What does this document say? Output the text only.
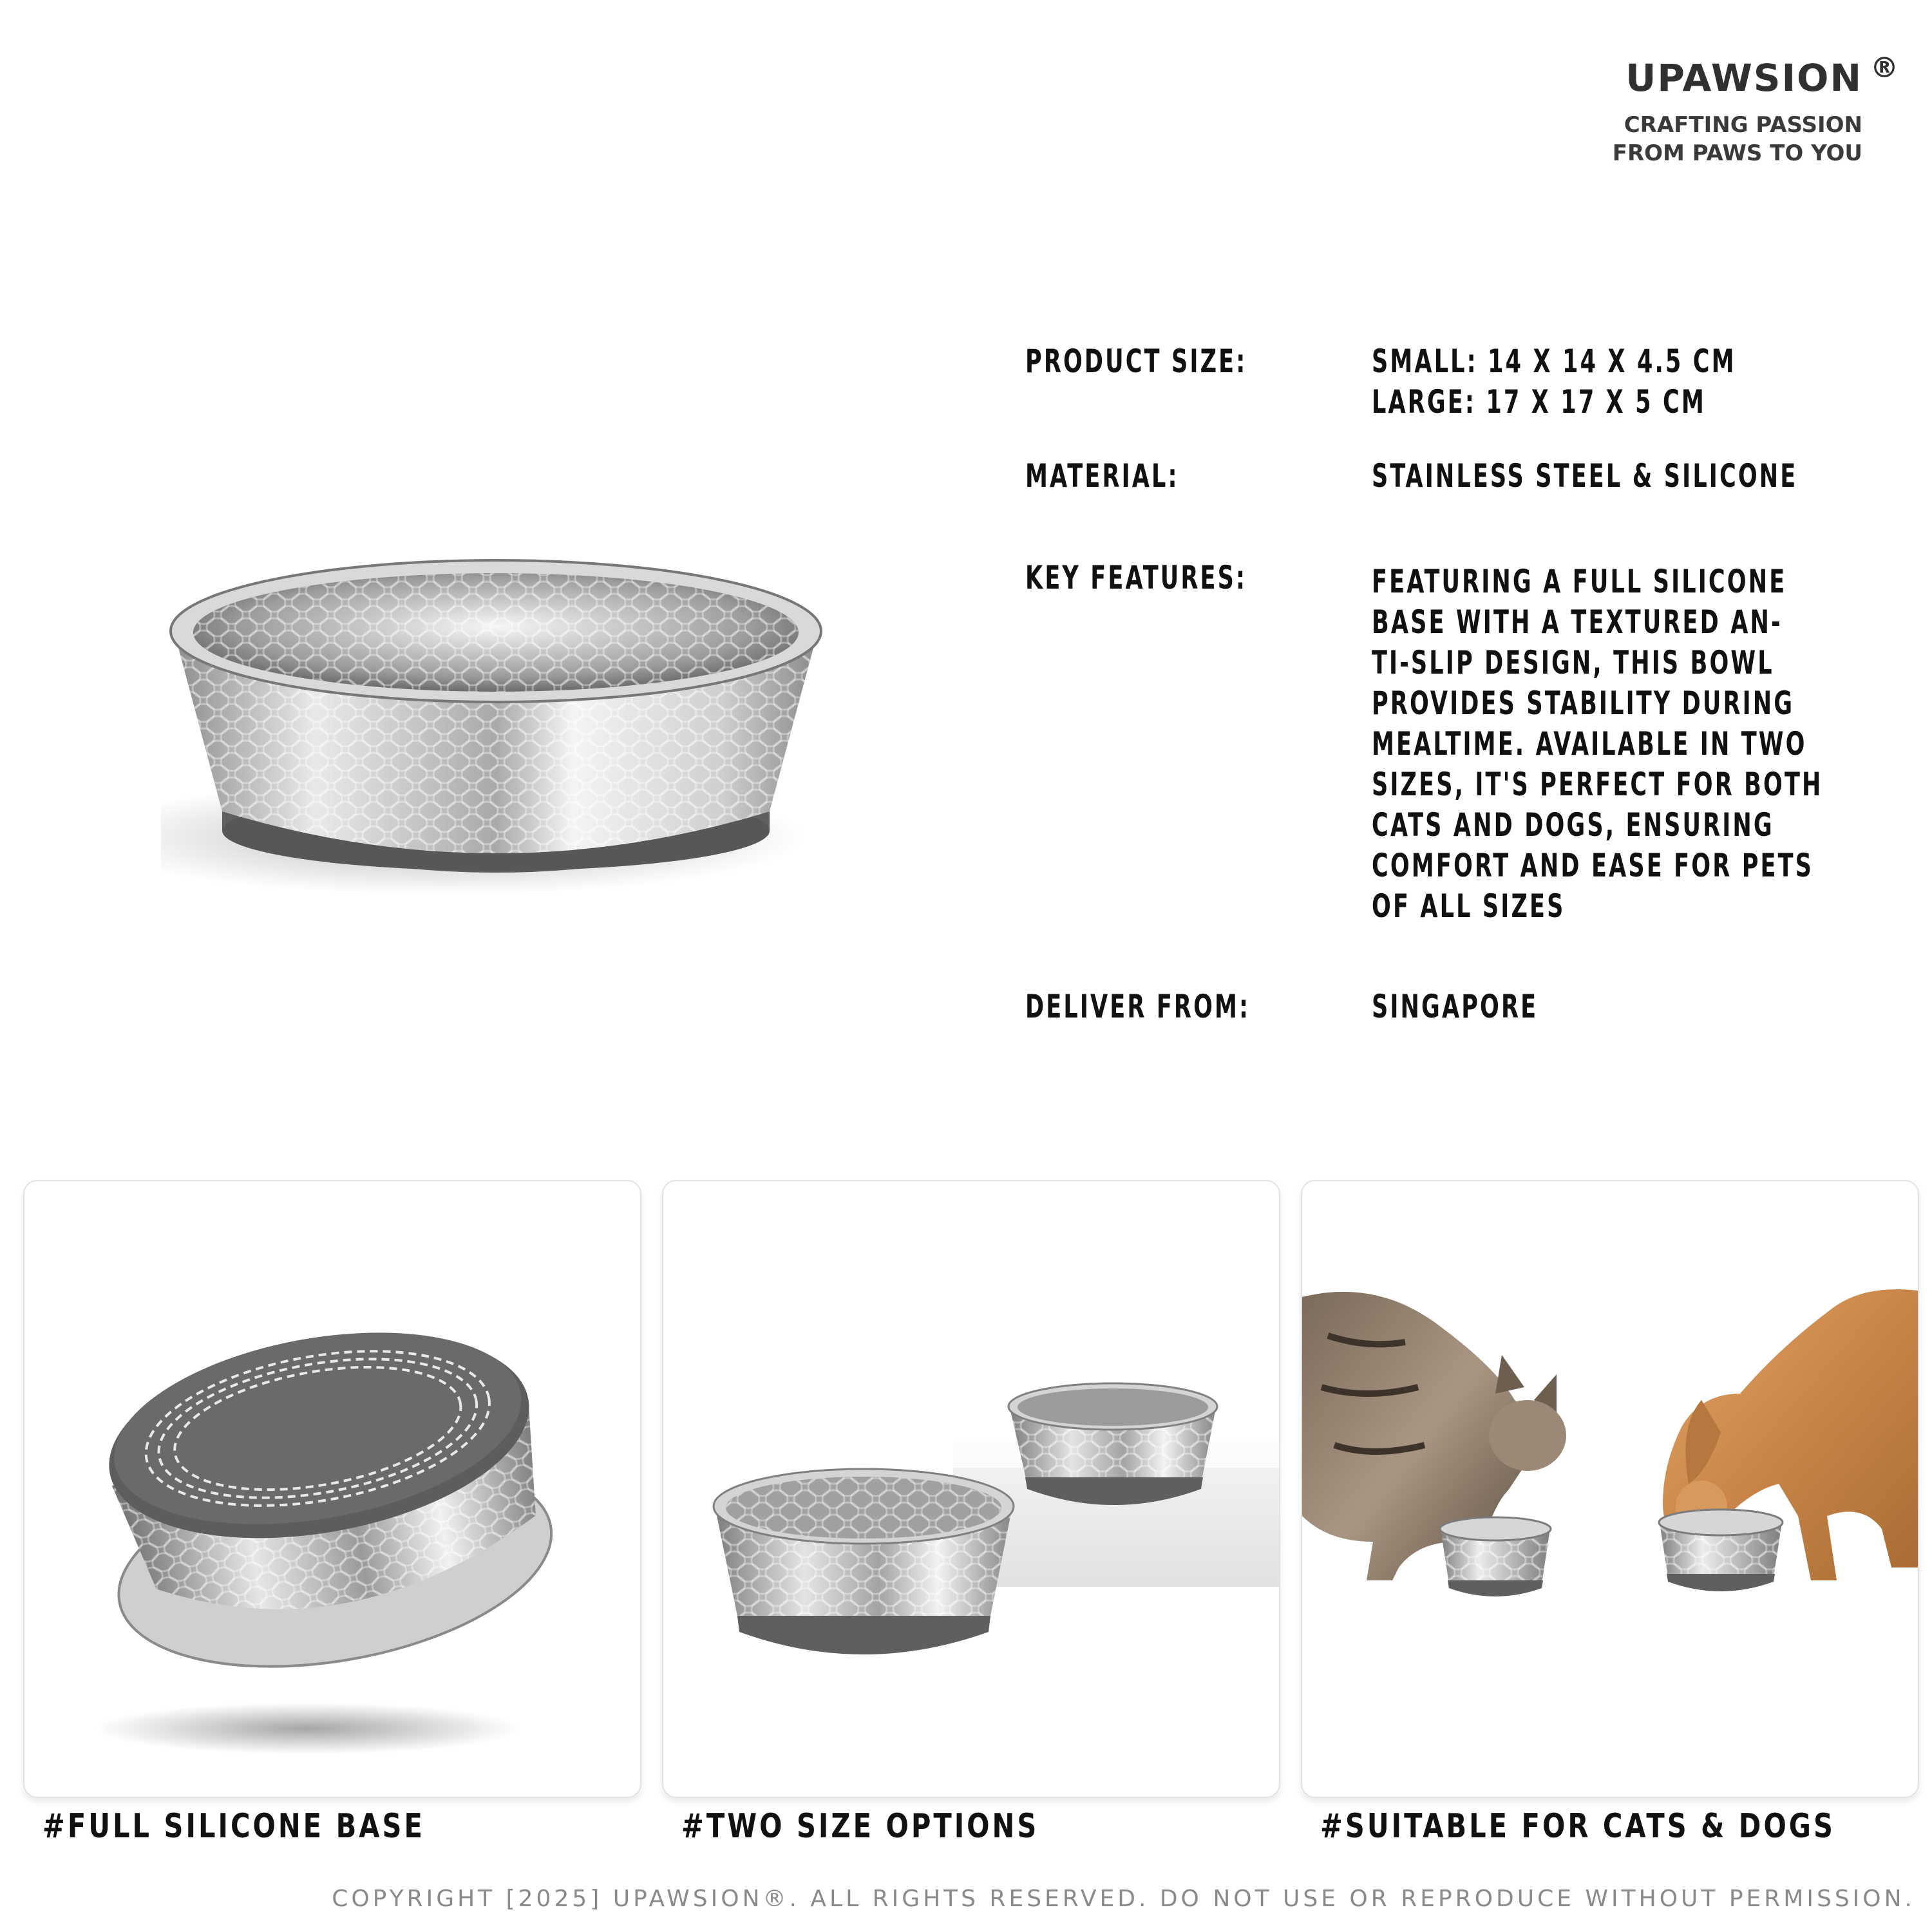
UPAWSION ®
CRAFTING PASSION
FROM PAWS TO YOU
PRODUCT SIZE:	SMALL: 14 X 14 X 4.5 CM
LARGE: 17 X 17 X 5 CM
MATERIAL:	STAINLESS STEEL & SILICONE
KEY FEATURES:	FEATURING A FULL SILICONE
BASE WITH A TEXTURED AN-
TI-SLIP DESIGN, THIS BOWL
PROVIDES STABILITY DURING
MEALTIME. AVAILABLE IN TWO
SIZES, IT'S PERFECT FOR BOTH
CATS AND DOGS, ENSURING
COMFORT AND EASE FOR PETS
OF ALL SIZES
DELIVER FROM:	SINGAPORE
#FULL SILICONE BASE	#TWO SIZE OPTIONS	#SUITABLE FOR CATS & DOGS
COPYRIGHT [2025] UPAWSION®. ALL RIGHTS RESERVED. DO NOT USE OR REPRODUCE WITHOUT PERMISSION.
